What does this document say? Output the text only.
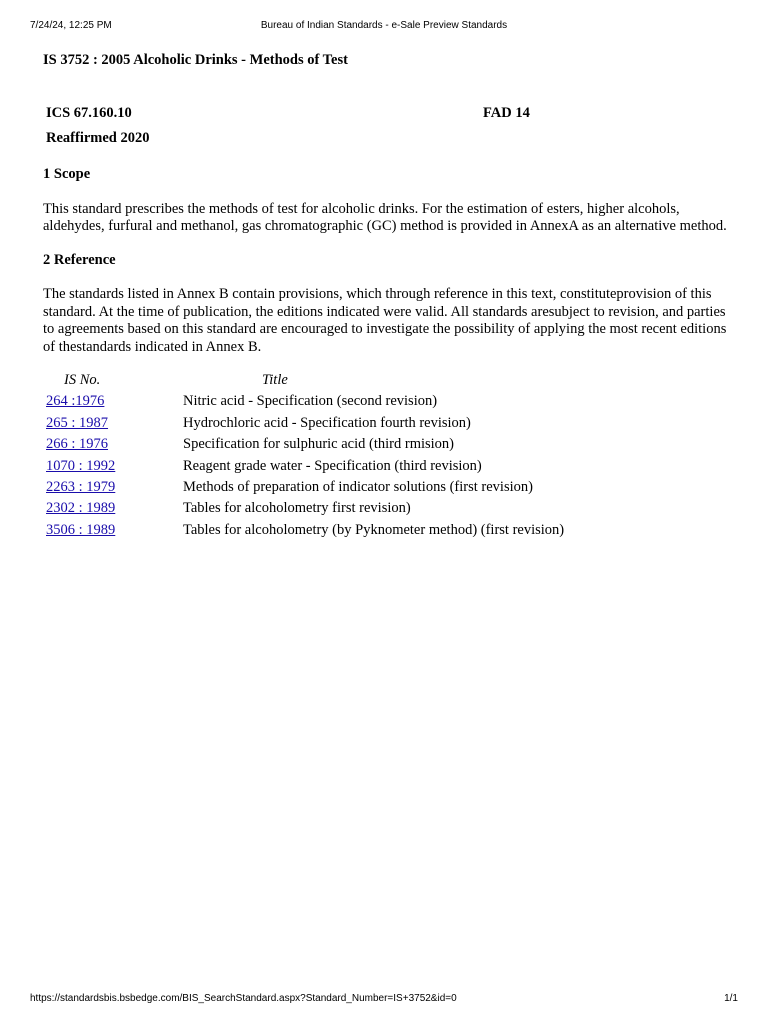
7/24/24, 12:25 PM	Bureau of Indian Standards - e-Sale Preview Standards
IS 3752 : 2005 Alcoholic Drinks - Methods of Test
ICS 67.160.10	FAD 14
Reaffirmed 2020

1 Scope

This standard prescribes the methods of test for alcoholic drinks. For the estimation of esters, higher alcohols, aldehydes, furfural and methanol, gas chromatographic (GC) method is provided in AnnexA as an alternative method.

2 Reference

The standards listed in Annex B contain provisions, which through reference in this text, constituteprovision of this standard. At the time of publication, the editions indicated were valid. All standards aresubject to revision, and parties to agreements based on this standard are encouraged to investigate the possibility of applying the most recent editions of thestandards indicated in Annex B.

IS No.	Title
264 :1976	Nitric acid - Specification (second revision)
265 : 1987	Hydrochloric acid - Specification fourth revision)
266 : 1976	Specification for sulphuric acid (third rmision)
1070 : 1992	Reagent grade water - Specification (third revision)
2263 : 1979	Methods of preparation of indicator solutions (first revision)
2302 : 1989	Tables for alcoholometry first revision)
3506 : 1989	Tables for alcoholometry (by Pyknometer method) (first revision)
https://standardsbis.bsbedge.com/BIS_SearchStandard.aspx?Standard_Number=IS+3752&id=0	1/1
